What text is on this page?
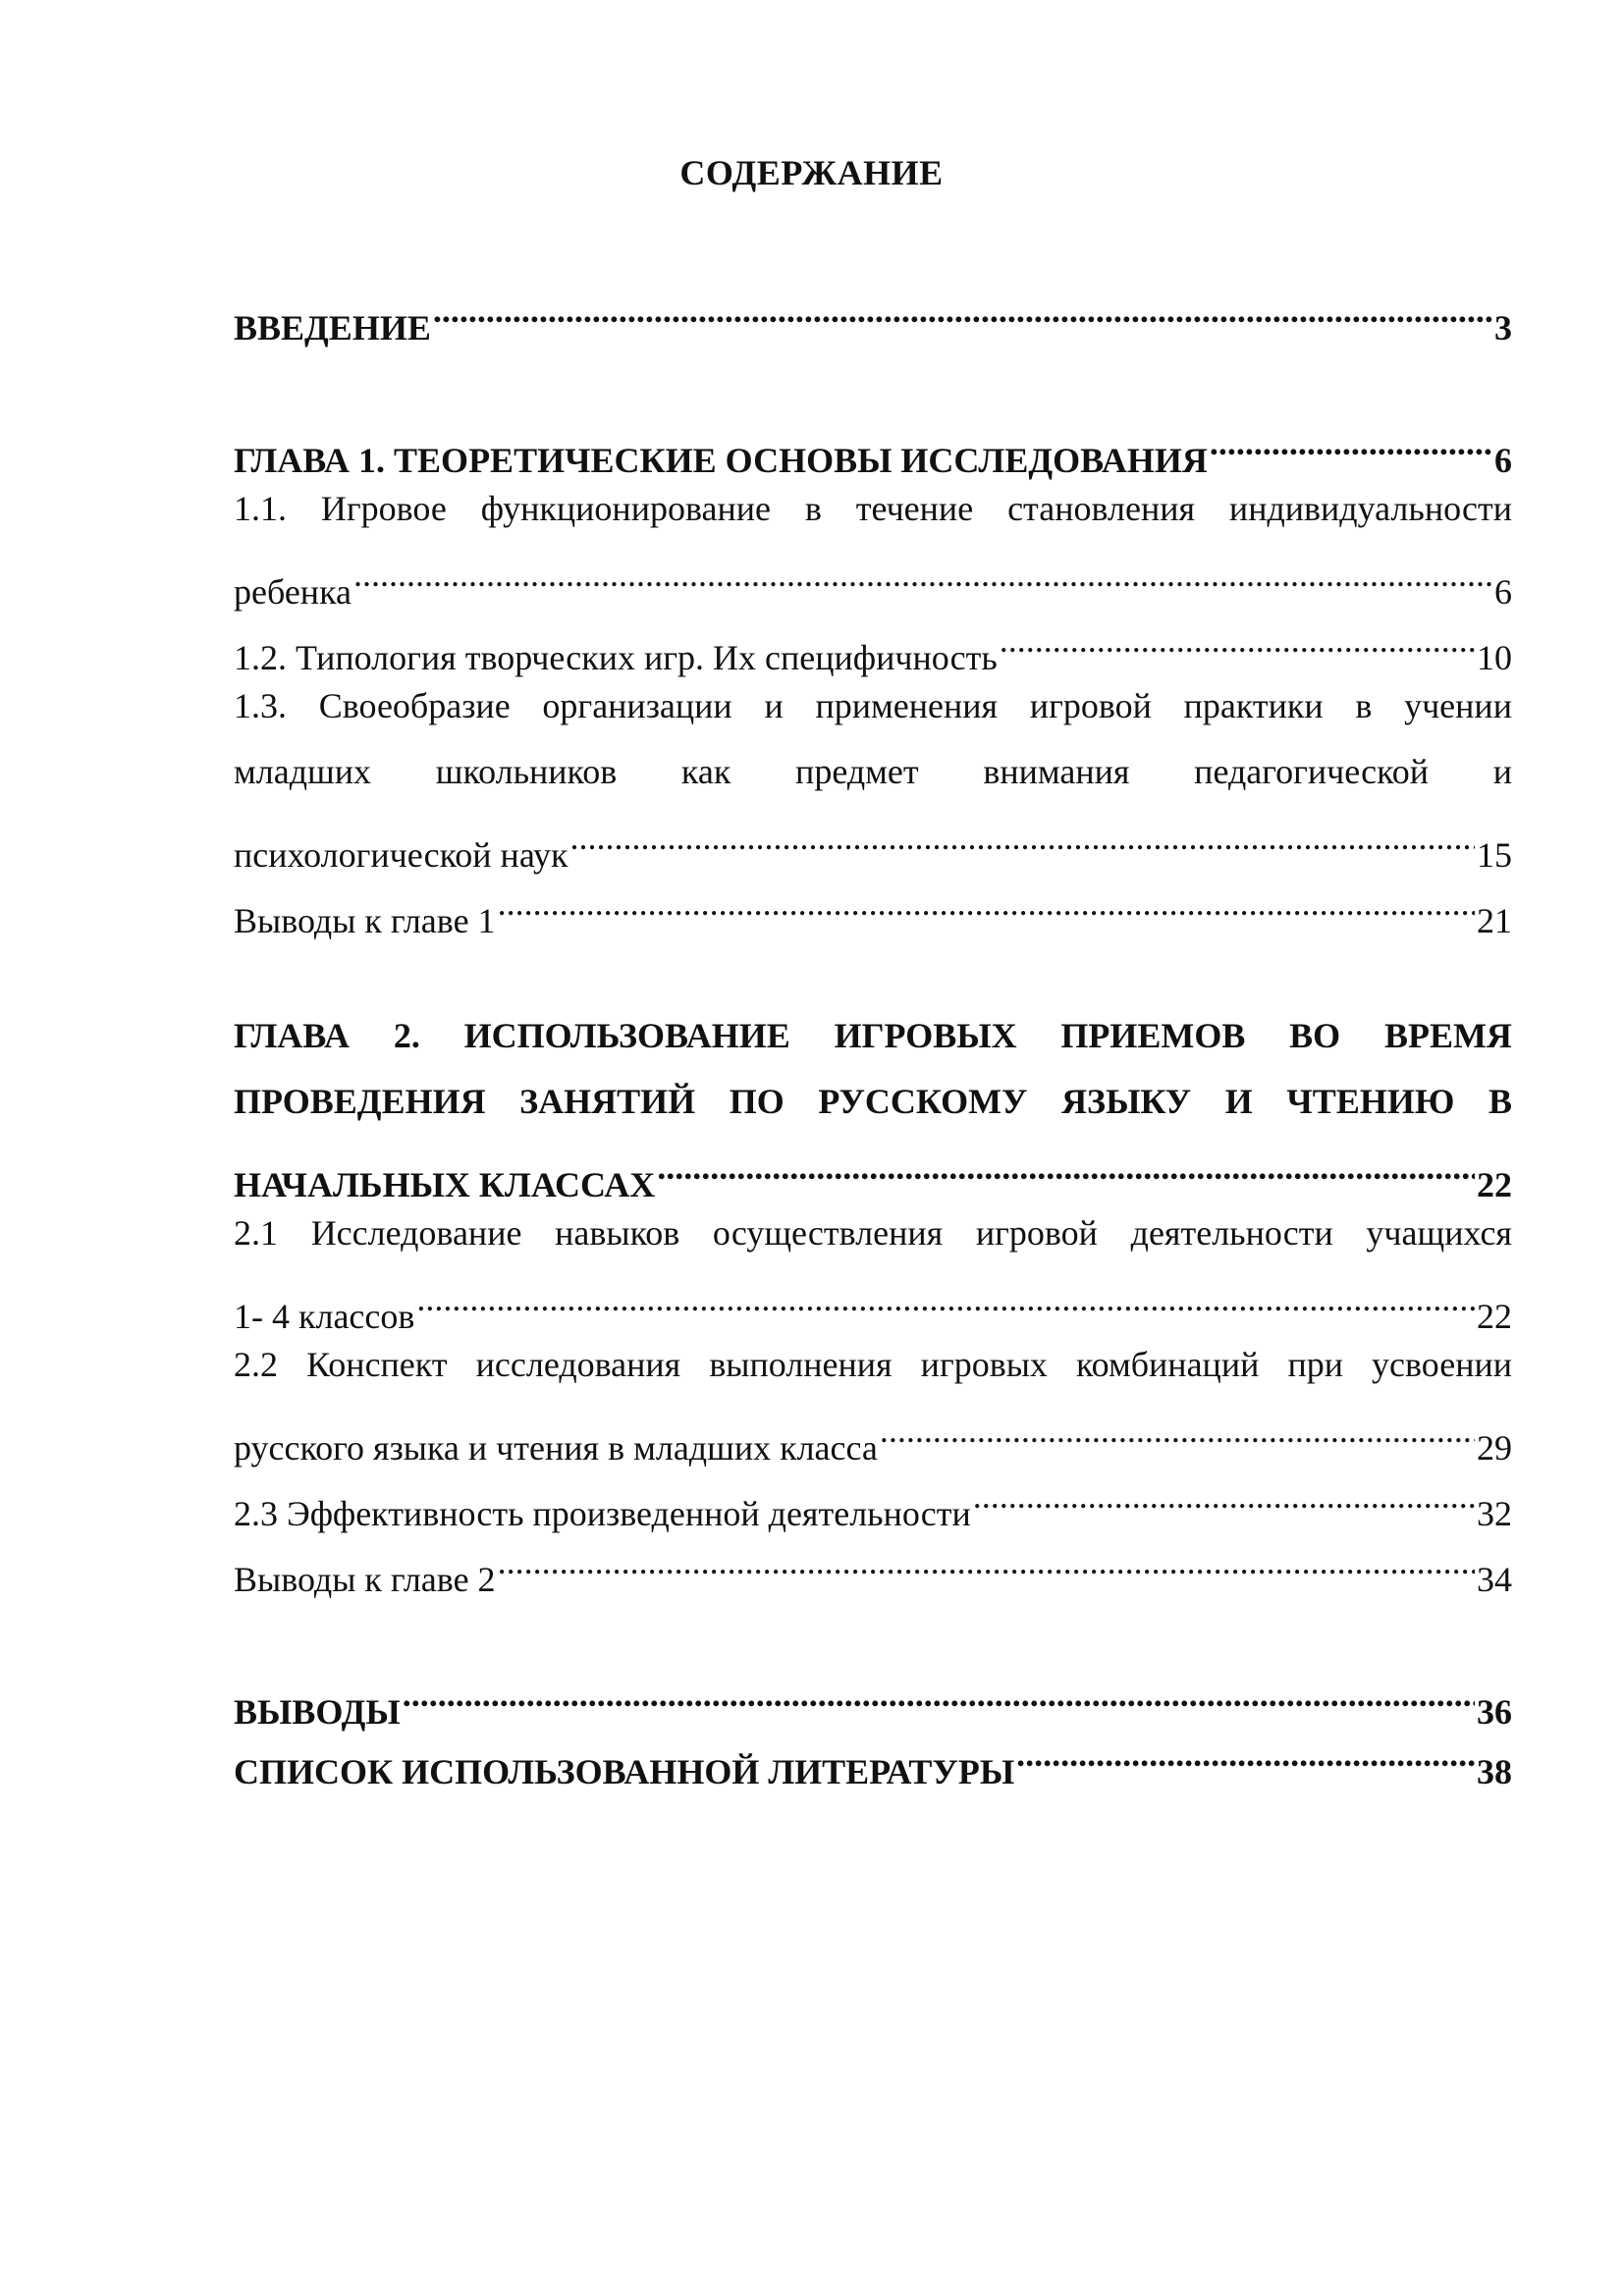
СОДЕРЖАНИЕ
ВВЕДЕНИЕ .....	3
ГЛАВА 1. ТЕОРЕТИЧЕСКИЕ ОСНОВЫ ИССЛЕДОВАНИЯ .....	6
1.1. Игровое функционирование в течение становления индивидуальности
ребенка .....	6
1.2. Типология творческих игр. Их специфичность .....	10
1.3. Своеобразие организации и применения игровой практики в учении
младших школьников как предмет внимания педагогической и
психологической наук .....	15
Выводы к главе 1 .....	21
ГЛАВА 2. ИСПОЛЬЗОВАНИЕ ИГРОВЫХ ПРИЕМОВ ВО ВРЕМЯ
ПРОВЕДЕНИЯ ЗАНЯТИЙ ПО РУССКОМУ ЯЗЫКУ И ЧТЕНИЮ В
НАЧАЛЬНЫХ КЛАССАХ .....	22
2.1 Исследование навыков осуществления игровой деятельности учащихся
1- 4 классов .....	22
2.2 Конспект исследования выполнения игровых комбинаций при усвоении
русского языка и чтения в младших класса .....	29
2.3 Эффективность произведенной деятельности .....	32
Выводы к главе 2 .....	34
ВЫВОДЫ .....	36
СПИСОК ИСПОЛЬЗОВАННОЙ ЛИТЕРАТУРЫ .....	38
